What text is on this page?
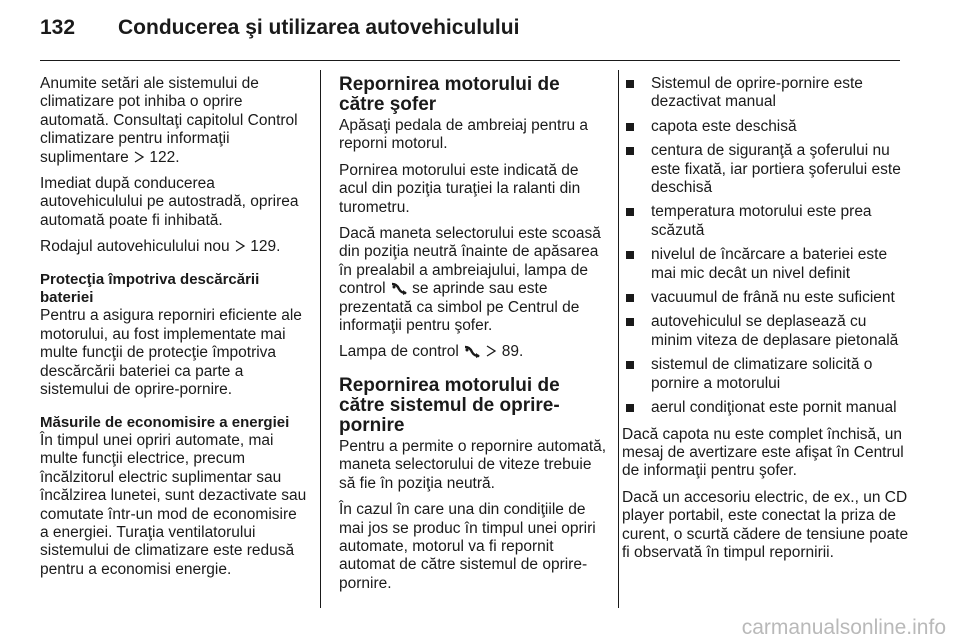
132	Conducerea şi utilizarea autovehiculului

Anumite setări ale sistemului de climatizare pot inhiba o oprire automată. Consultaţi capitolul Control climatizare pentru informaţii suplimentare 122.

Imediat după conducerea autovehiculului pe autostradă, oprirea automată poate fi inhibată.

Rodajul autovehiculului nou 129.

Protecţia împotriva descărcării bateriei

Pentru a asigura reporniri eficiente ale motorului, au fost implementate mai multe funcţii de protecţie împotriva descărcării bateriei ca parte a sistemului de oprire-pornire.

Măsurile de economisire a energiei

În timpul unei opriri automate, mai multe funcţii electrice, precum încălzitorul electric suplimentar sau încălzirea lunetei, sunt dezactivate sau comutate într-un mod de economisire a energiei. Turaţia ventilatorului sistemului de climatizare este redusă pentru a economisi energie.

Repornirea motorului de către şofer

Apăsaţi pedala de ambreiaj pentru a reporni motorul.

Pornirea motorului este indicată de acul din poziţia turaţiei la ralanti din turometru.

Dacă maneta selectorului este scoasă din poziţia neutră înainte de apăsarea în prealabil a ambreiajului, lampa de control se aprinde sau este prezentată ca simbol pe Centrul de informaţii pentru şofer.

Lampa de control	89.

Repornirea motorului de către sistemul de oprire-pornire

Pentru a permite o repornire automată, maneta selectorului de viteze trebuie să fie în poziţia neutră.

În cazul în care una din condiţiile de mai jos se produc în timpul unei opriri automate, motorul va fi repornit automat de către sistemul de oprire-pornire.

Sistemul de oprire-pornire este dezactivat manual
capota este deschisă
centura de siguranţă a şoferului nu este fixată, iar portiera şoferului este deschisă
temperatura motorului este prea scăzută
nivelul de încărcare a bateriei este mai mic decât un nivel definit
vacuumul de frână nu este suficient
autovehiculul se deplasează cu minim viteza de deplasare pietonală
sistemul de climatizare solicită o pornire a motorului
aerul condiţionat este pornit manual

Dacă capota nu este complet închisă, un mesaj de avertizare este afişat în Centrul de informaţii pentru şofer.

Dacă un accesoriu electric, de ex., un CD player portabil, este conectat la priza de curent, o scurtă cădere de tensiune poate fi observată în timpul repornirii.

carmanualsonline.info
